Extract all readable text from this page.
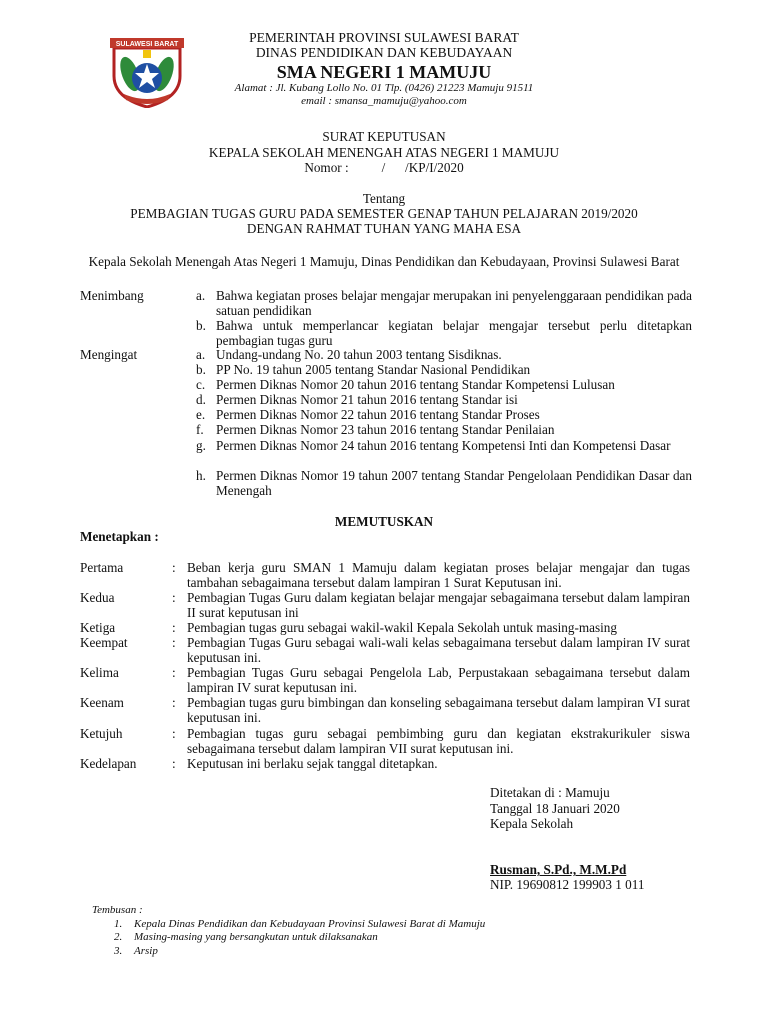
SULAWESI BARAT	PEMERINTAH PROVINSI SULAWESI BARAT
DINAS PENDIDIKAN DAN KEBUDAYAAN
SMA NEGERI 1 MAMUJU
Alamat : Jl. Kubang Lollo No. 01 Tlp. (0426) 21223 Mamuju 91511
email : smansa_mamuju@yahoo.com
SURAT KEPUTUSAN
KEPALA SEKOLAH MENENGAH ATAS NEGERI 1 MAMUJU
Nomor :          /      /KP/I/2020
Tentang
PEMBAGIAN TUGAS GURU PADA SEMESTER GENAP TAHUN PELAJARAN 2019/2020
DENGAN RAHMAT TUHAN YANG MAHA ESA
Kepala Sekolah Menengah Atas Negeri 1 Mamuju, Dinas Pendidikan dan Kebudayaan, Provinsi Sulawesi Barat
Menimbang	a. Bahwa kegiatan proses belajar mengajar merupakan ini penyelenggaraan pendidikan pada satuan pendidikan
b. Bahwa untuk memperlancar kegiatan belajar mengajar tersebut perlu ditetapkan pembagian tugas guru
Mengingat	a. Undang-undang No. 20 tahun 2003 tentang Sisdiknas.
b. PP No. 19 tahun 2005 tentang Standar Nasional Pendidikan
c. Permen Diknas Nomor 20 tahun 2016 tentang Standar Kompetensi Lulusan
d. Permen Diknas Nomor 21 tahun 2016 tentang Standar isi
e. Permen Diknas Nomor 22 tahun 2016 tentang Standar Proses
f. Permen Diknas Nomor 23 tahun 2016 tentang Standar Penilaian
g. Permen Diknas Nomor 24 tahun 2016 tentang Kompetensi Inti dan Kompetensi Dasar
h. Permen Diknas Nomor 19 tahun 2007 tentang Standar Pengelolaan Pendidikan Dasar dan Menengah
MEMUTUSKAN
Menetapkan :
Pertama	: Beban kerja guru SMAN 1 Mamuju dalam kegiatan proses belajar mengajar dan tugas tambahan sebagaimana tersebut dalam lampiran 1 Surat Keputusan ini.
Kedua	: Pembagian Tugas Guru dalam kegiatan belajar mengajar sebagaimana tersebut dalam lampiran II surat keputusan ini
Ketiga	: Pembagian tugas guru sebagai wakil-wakil Kepala Sekolah untuk masing-masing
Keempat	: Pembagian Tugas Guru sebagai wali-wali kelas sebagaimana tersebut dalam lampiran IV surat keputusan ini.
Kelima	: Pembagian Tugas Guru sebagai Pengelola Lab, Perpustakaan sebagaimana tersebut dalam lampiran IV surat keputusan ini.
Keenam	: Pembagian tugas guru bimbingan dan konseling sebagaimana tersebut dalam lampiran VI surat keputusan ini.
Ketujuh	: Pembagian tugas guru sebagai pembimbing guru dan kegiatan ekstrakurikuler siswa sebagaimana tersebut dalam lampiran VII surat keputusan ini.
Kedelapan	: Keputusan ini berlaku sejak tanggal ditetapkan.
Ditetakan di : Mamuju
Tanggal 18 Januari 2020
Kepala Sekolah
Rusman, S.Pd., M.M.Pd
NIP. 19690812 199903 1 011
Tembusan :
1.	Kepala Dinas Pendidikan dan Kebudayaan Provinsi Sulawesi Barat di Mamuju
2.	Masing-masing yang bersangkutan untuk dilaksanakan
3.	Arsip
